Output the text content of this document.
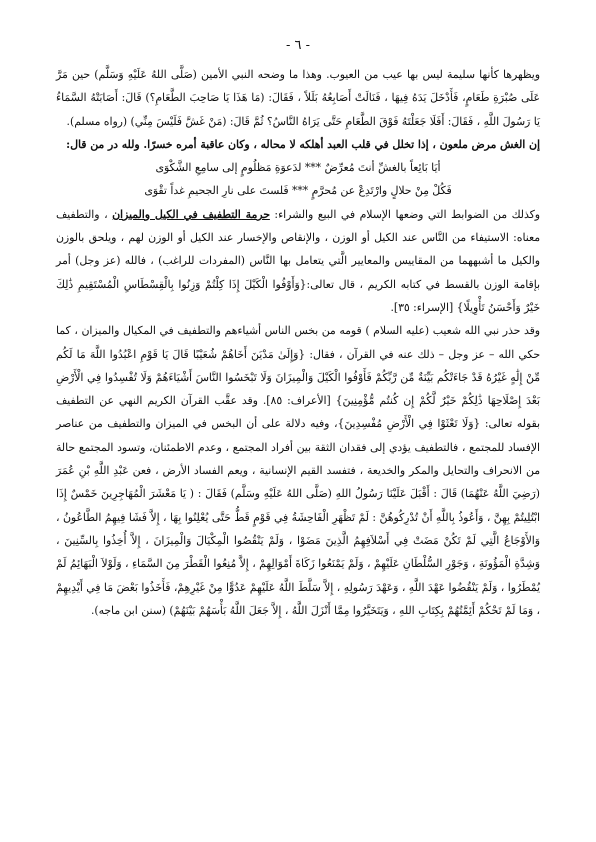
- ٦ -

ويظهرها كأنها سليمة ليس بها عيب من العيوب. وهذا ما وضحه النبي الأمين (صَلَّى اللهُ عَلَيْهِ وَسَلَّم) حين مَرَّ عَلَى صُبْرَةِ طَعَامٍ، فَأَدْخَلَ يَدَهُ فِيهَا ، فَنَالَتْ أَصَابِعُهُ بَلَلاً ، فَقَالَ: (مَا هَذَا يَا صَاحِبَ الطَّعَامِ؟) قَالَ: أَصَابَتْهُ السَّمَاءُ يَا رَسُولَ اللَّهِ ، فَقَالَ: أَفَلَا جَعَلْتَهُ فَوْقَ الطَّعَامِ حَتَّى يَرَاهُ النَّاسُ؟ ثُمَّ قَالَ: (مَنْ غَشَّ فَلَيْسَ مِنِّي) (رواه مسلم).

إن الغش مرض ملعون ، إذا تخلل في قلب العبد أهلكه لا محاله ، وكان عاقبة أمره خسرًا. ولله در من قال:

أيَا بَائِعاً بالغشِّ أنتَ مُعرِّضٌ *** لدَعوَةِ مَظلُومٍ إلى سامِعِ الشَّكْوَى

فَكُلْ مِنْ حلالٍ وارْتَدِعْ عن مُحرَّمٍ *** فَلستَ على نارِ الجحيمِ غداً تقْوَى

وكذلك من الضوابط التي وضعها الإسلام في البيع والشراء: حرمة التطفيف في الكيل والميزان ، والتطفيف معناه: الاستيفاء من النَّاس عند الكيل أو الوزن ، والإنقاص والإخسار عند الكيل أو الوزن لهم ، ويلحق بالوزن والكيل ما أشبههما من المقاييس والمعايير الَّتي يتعامل بها النَّاس (المفردات للراغب) ، فالله (عز وجل) أمر بإقامة الوزن بالقسط في كتابه الكريم ، قال تعالى:{وَأَوْفُوا الْكَيْلَ إِذَا كِلْتُمْ وَزِنُوا بِالْقِسْطَاسِ الْمُسْتَقِيمِ ذَٰلِكَ خَيْرٌ وَأَحْسَنُ تَأْوِيلًا} [الإسراء: ٣٥].

وقد حذر نبي الله شعيب (عليه السلام ) قومه من بخس الناس أشياءهم والتطفيف في المكيال والميزان ، كما حكي الله – عز وجل – ذلك عنه في القرآن ، فقال: {وَإِلَىٰ مَدْيَنَ أَخَاهُمْ شُعَيْبًا قَالَ يَا قَوْمِ اعْبُدُوا اللَّهَ مَا لَكُم مِّنْ إِلَٰهٍ غَيْرُهُ قَدْ جَاءَتْكُم بَيِّنَةٌ مِّن رَّبِّكُمْ فَأَوْفُوا الْكَيْلَ وَالْمِيزَانَ وَلَا تَبْخَسُوا النَّاسَ أَشْيَاءَهُمْ وَلَا تُفْسِدُوا فِي الْأَرْضِ بَعْدَ إِصْلَاحِهَا ذَٰلِكُمْ خَيْرٌ لَّكُمْ إِن كُنتُم مُّؤْمِنِينَ} [الأعراف: ٨٥]. وقد عقَّب القرآن الكريم النهي عن التطفيف بقوله تعالى: {وَلَا تَعْثَوْا فِي الْأَرْضِ مُفْسِدِينَ}، وفيه دلالة على أن البخس في الميزان والتطفيف من عناصر الإفساد للمجتمع ، فالتطفيف يؤدي إلى فقدان الثقة بين أفراد المجتمع ، وعدم الاطمئنان، وتسود المجتمع حالة من الانحراف والتحايل والمكر والخديعة ، فتفسد القيم الإنسانية ، ويعم الفساد الأرض ، فعن عَبْدِ اللَّهِ بْنِ عُمَرَ (رَضِيَ اللَّهُ عَنْهُمَا) قَالَ : أَقْبَلَ عَلَيْنَا رَسُولُ اللهِ (صَلَّى اللهُ عَلَيْهِ وسَلَّم) فَقَالَ : ( يَا مَعْشَرَ الْمُهَاجِرِينَ خَمْسٌ إِذَا ابْتُلِيتُمْ بِهِنَّ ، وَأَعُوذُ بِاللَّهِ أَنْ تُدْرِكُوهُنَّ : لَمْ تَظْهَرِ الْفَاحِشَةُ فِي قَوْمٍ قَطُّ حَتَّى يُعْلِنُوا بِهَا ، إِلاَّ فَشَا فِيهِمُ الطَّاعُونُ ، وَالأَوْجَاعُ الَّتِي لَمْ تَكُنْ مَضَتْ فِي أَسْلاَفِهِمُ الَّذِينَ مَضَوْا ، وَلَمْ يَنْقُصُوا الْمِكْيَالَ وَالْمِيزَانَ ، إِلاَّ أُخِذُوا بِالسِّنِينَ ، وَشِدَّةِ الْمَؤُونَةِ ، وَجَوْرِ السُّلْطَانِ عَلَيْهِمْ ، وَلَمْ يَمْنَعُوا زَكَاةَ أَمْوَالِهِمْ ، إِلاَّ مُنِعُوا الْقَطْرَ مِنَ السَّمَاءِ ، وَلَوْلاَ الْبَهَائِمُ لَمْ يُمْطَرُوا ، وَلَمْ يَنْقُضُوا عَهْدَ اللَّهِ ، وَعَهْدَ رَسُولِهِ ، إِلاَّ سَلَّطَ اللَّهُ عَلَيْهِمْ عَدُوًّا مِنْ غَيْرِهِمْ، فَأَخَذُوا بَعْضَ مَا فِي أَيْدِيهِمْ ، وَمَا لَمْ تَحْكُمْ أَئِمَّتُهُمْ بِكِتَابِ اللهِ ، وَيَتَخَيَّرُوا مِمَّا أَنْزَلَ اللَّهُ ، إِلاَّ جَعَلَ اللَّهُ بَأْسَهُمْ بَيْنَهُمْ) (سنن ابن ماجه).
